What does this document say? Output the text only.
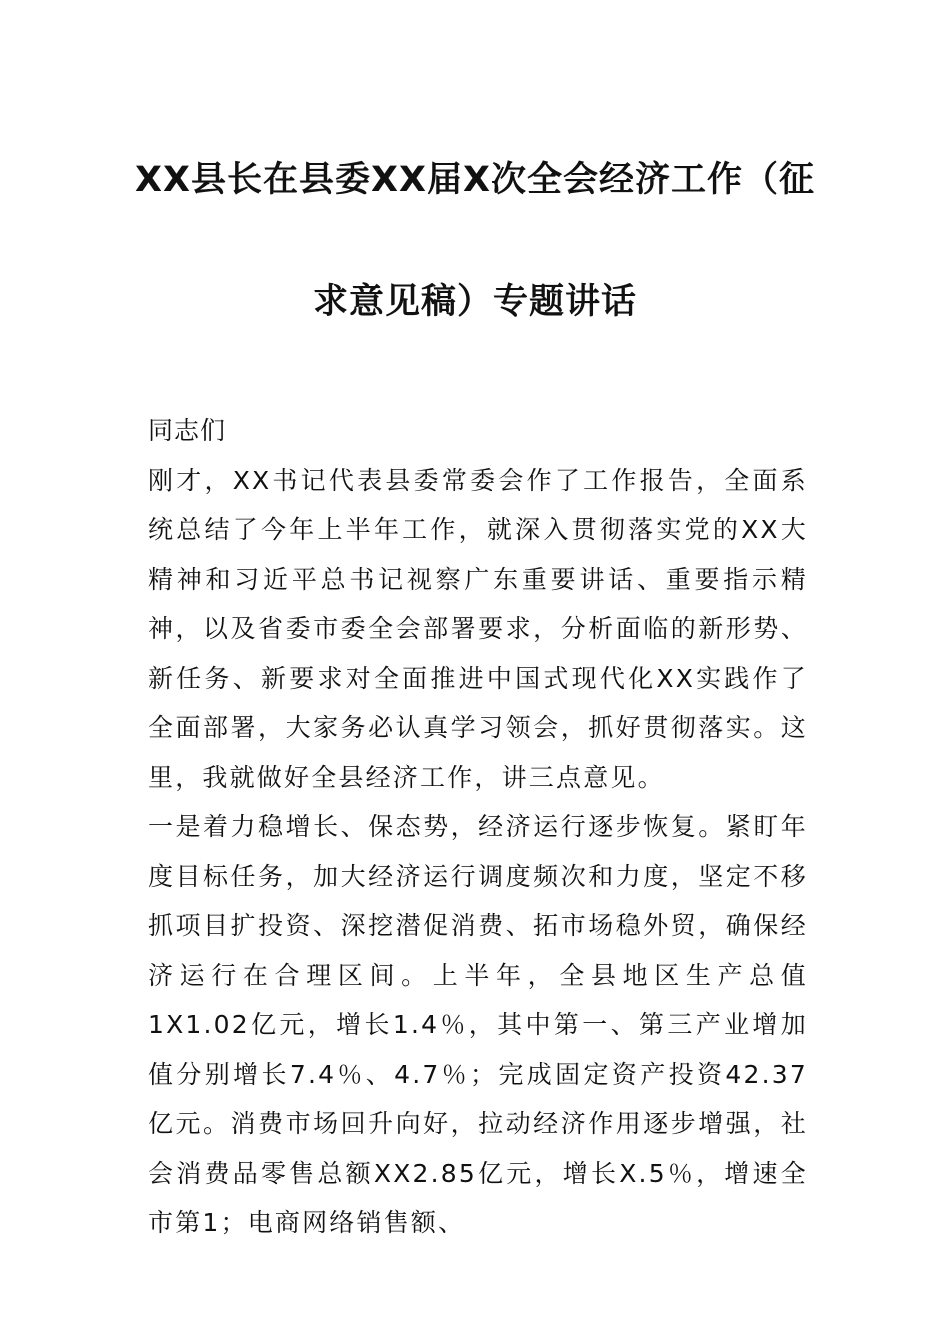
XX县长在县委XX届X次全会经济工作（征
求意见稿）专题讲话

同志们

刚才，XX书记代表县委常委会作了工作报告，全面系统总结了今年上半年工作，就深入贯彻落实党的XX大精神和习近平总书记视察广东重要讲话、重要指示精神，以及省委市委全会部署要求，分析面临的新形势、新任务、新要求对全面推进中国式现代化XX实践作了全面部署，大家务必认真学习领会，抓好贯彻落实。这里，我就做好全县经济工作，讲三点意见。

一是着力稳增长、保态势，经济运行逐步恢复。紧盯年度目标任务，加大经济运行调度频次和力度，坚定不移抓项目扩投资、深挖潜促消费、拓市场稳外贸，确保经济运行在合理区间。上半年，全县地区生产总值1X1.02亿元，增长1.4％，其中第一、第三产业增加值分别增长7.4％、4.7％；完成固定资产投资42.37亿元。消费市场回升向好，拉动经济作用逐步增强，社会消费品零售总额XX2.85亿元，增长X.5％，增速全市第1；电商网络销售额、
